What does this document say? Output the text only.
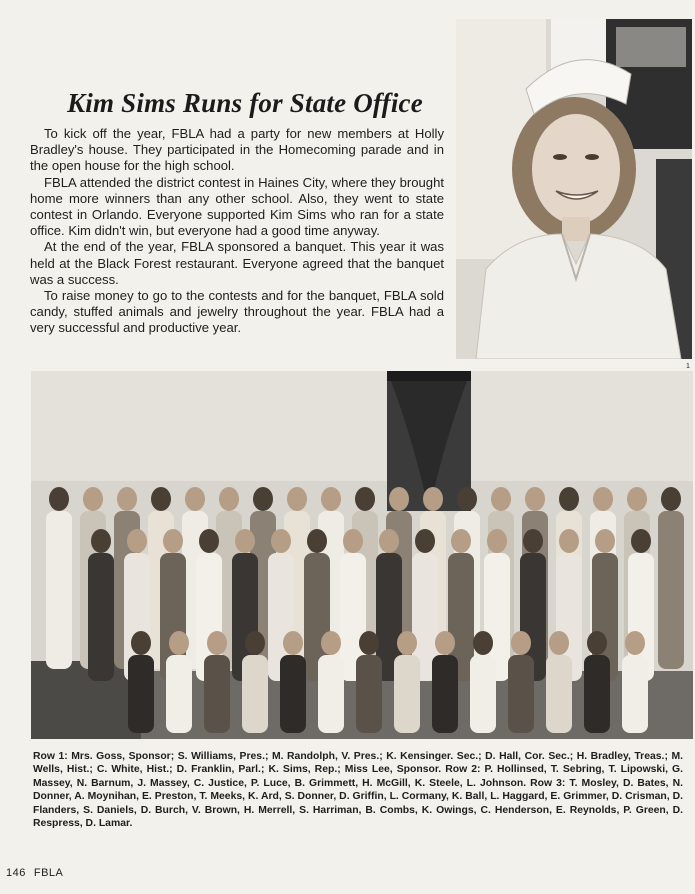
Kim Sims Runs for State Office

To kick off the year, FBLA had a party for new members at Holly Bradley's house. They participated in the Homecoming parade and in the open house for the high school.

FBLA attended the district contest in Haines City, where they brought home more winners than any other school. Also, they went to state contest in Orlando. Everyone supported Kim Sims who ran for a state office. Kim didn't win, but everyone had a good time anyway.

At the end of the year, FBLA sponsored a banquet. This year it was held at the Black Forest restaurant. Everyone agreed that the banquet was a success.

To raise money to go to the contests and for the banquet, FBLA sold candy, stuffed animals and jewelry throughout the year. FBLA had a very successful and productive year.

1

Row 1: Mrs. Goss, Sponsor; S. Williams, Pres.; M. Randolph, V. Pres.; K. Kensinger. Sec.; D. Hall, Cor. Sec.; H. Bradley, Treas.; M. Wells, Hist.; C. White, Hist.; D. Franklin, Parl.; K. Sims, Rep.; Miss Lee, Sponsor. Row 2: P. Hollinsed, T. Sebring, T. Lipowski, G. Massey, N. Barnum, J. Massey, C. Justice, P. Luce, B. Grimmett, H. McGill, K. Steele, L. Johnson. Row 3: T. Mosley, D. Bates, N. Donner, A. Moynihan, E. Preston, T. Meeks, K. Ard, S. Donner, D. Griffin, L. Cormany, K. Ball, L. Haggard, E. Grimmer, D. Crisman, D. Flanders, S. Daniels, D. Burch, V. Brown, H. Merrell, S. Harriman, B. Combs, K. Owings, C. Henderson, E. Reynolds, P. Green, D. Respress, D. Lamar.

146 FBLA
